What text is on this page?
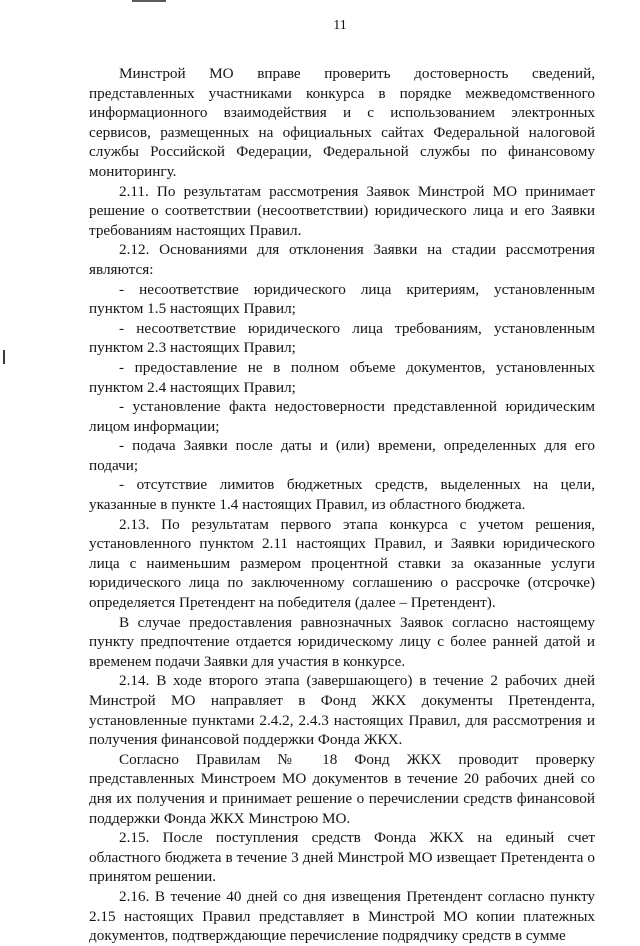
11

Минстрой МО вправе проверить достоверность сведений, представленных участниками конкурса в порядке межведомственного информационного взаимодействия и с использованием электронных сервисов, размещенных на официальных сайтах Федеральной налоговой службы Российской Федерации, Федеральной службы по финансовому мониторингу.

2.11. По результатам рассмотрения Заявок Минстрой МО принимает решение о соответствии (несоответствии) юридического лица и его Заявки требованиям настоящих Правил.

2.12. Основаниями для отклонения Заявки на стадии рассмотрения являются:

- несоответствие юридического лица критериям, установленным пунктом 1.5 настоящих Правил;

- несоответствие юридического лица требованиям, установленным пунктом 2.3 настоящих Правил;

- предоставление не в полном объеме документов, установленных пунктом 2.4 настоящих Правил;

- установление факта недостоверности представленной юридическим лицом информации;

- подача Заявки после даты и (или) времени, определенных для его подачи;

- отсутствие лимитов бюджетных средств, выделенных на цели, указанные в пункте 1.4 настоящих Правил, из областного бюджета.

2.13. По результатам первого этапа конкурса с учетом решения, установленного пунктом 2.11 настоящих Правил, и Заявки юридического лица с наименьшим размером процентной ставки за оказанные услуги юридического лица по заключенному соглашению о рассрочке (отсрочке) определяется Претендент на победителя (далее – Претендент).

В случае предоставления равнозначных Заявок согласно настоящему пункту предпочтение отдается юридическому лицу с более ранней датой и временем подачи Заявки для участия в конкурсе.

2.14. В ходе второго этапа (завершающего) в течение 2 рабочих дней Минстрой МО направляет в Фонд ЖКХ документы Претендента, установленные пунктами 2.4.2, 2.4.3 настоящих Правил, для рассмотрения и получения финансовой поддержки Фонда ЖКХ.

Согласно Правилам № 18 Фонд ЖКХ проводит проверку представленных Минстроем МО документов в течение 20 рабочих дней со дня их получения и принимает решение о перечислении средств финансовой поддержки Фонда ЖКХ Минстрою МО.

2.15. После поступления средств Фонда ЖКХ на единый счет областного бюджета в течение 3 дней Минстрой МО извещает Претендента о принятом решении.

2.16. В течение 40 дней со дня извещения Претендент согласно пункту 2.15 настоящих Правил представляет в Минстрой МО копии платежных документов, подтверждающие перечисление подрядчику средств в сумме
